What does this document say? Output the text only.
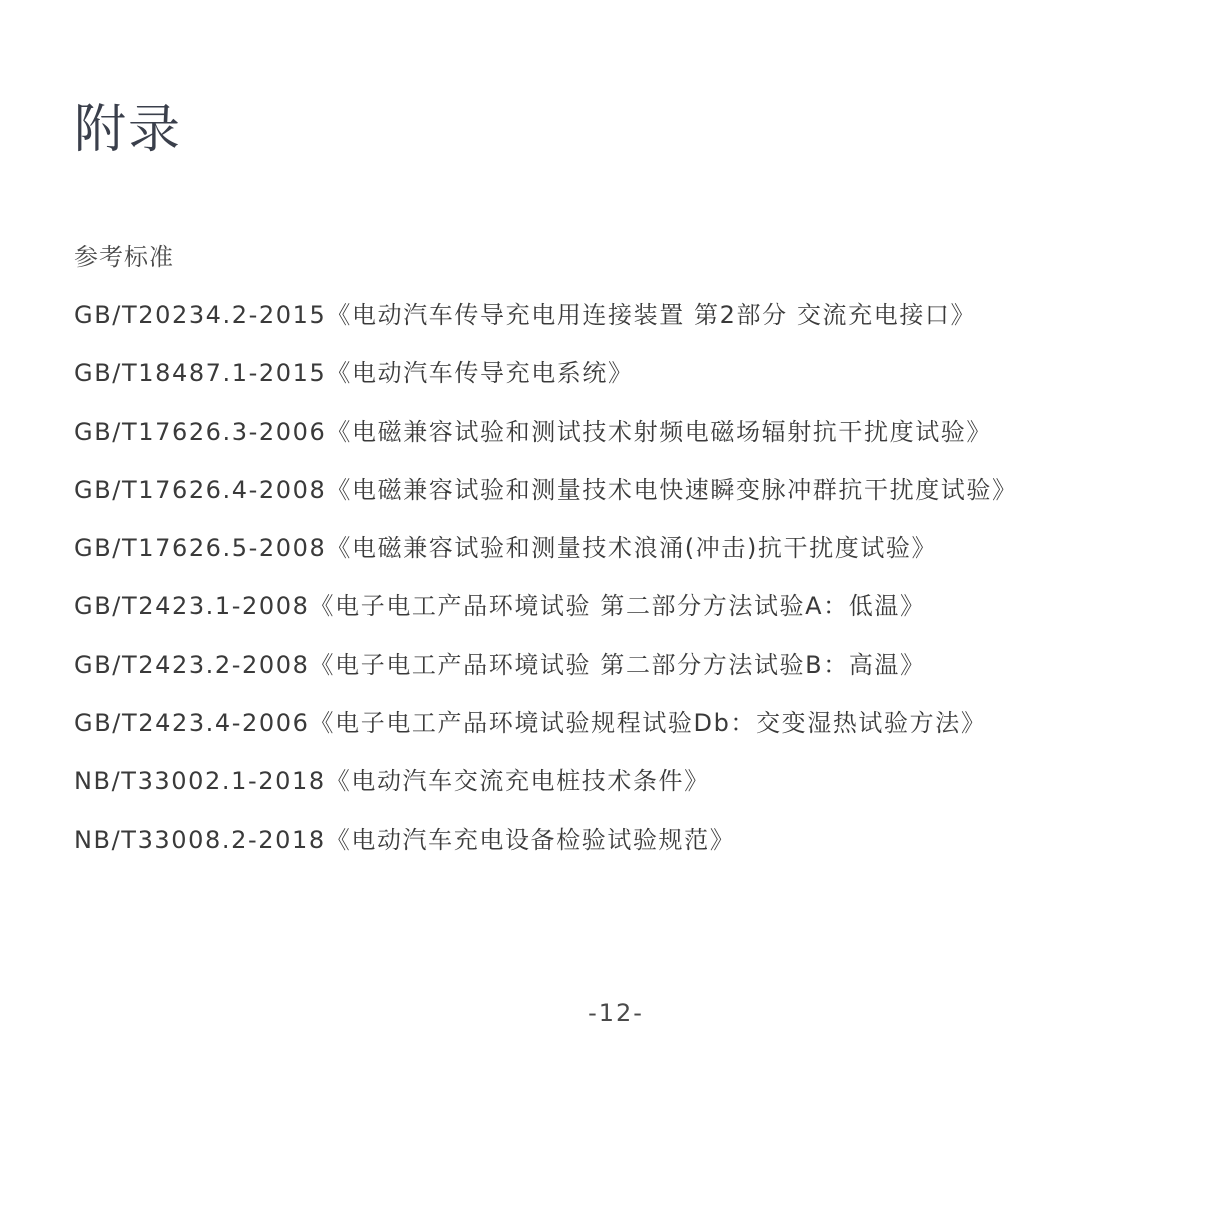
附录
参考标准
GB/T20234.2-2015《电动汽车传导充电用连接装置 第2部分 交流充电接口》
GB/T18487.1-2015《电动汽车传导充电系统》
GB/T17626.3-2006《电磁兼容试验和测试技术射频电磁场辐射抗干扰度试验》
GB/T17626.4-2008《电磁兼容试验和测量技术电快速瞬变脉冲群抗干扰度试验》
GB/T17626.5-2008《电磁兼容试验和测量技术浪涌(冲击)抗干扰度试验》
GB/T2423.1-2008《电子电工产品环境试验 第二部分方法试验A：低温》
GB/T2423.2-2008《电子电工产品环境试验 第二部分方法试验B：高温》
GB/T2423.4-2006《电子电工产品环境试验规程试验Db：交变湿热试验方法》
NB/T33002.1-2018《电动汽车交流充电桩技术条件》
NB/T33008.2-2018《电动汽车充电设备检验试验规范》
-12-
